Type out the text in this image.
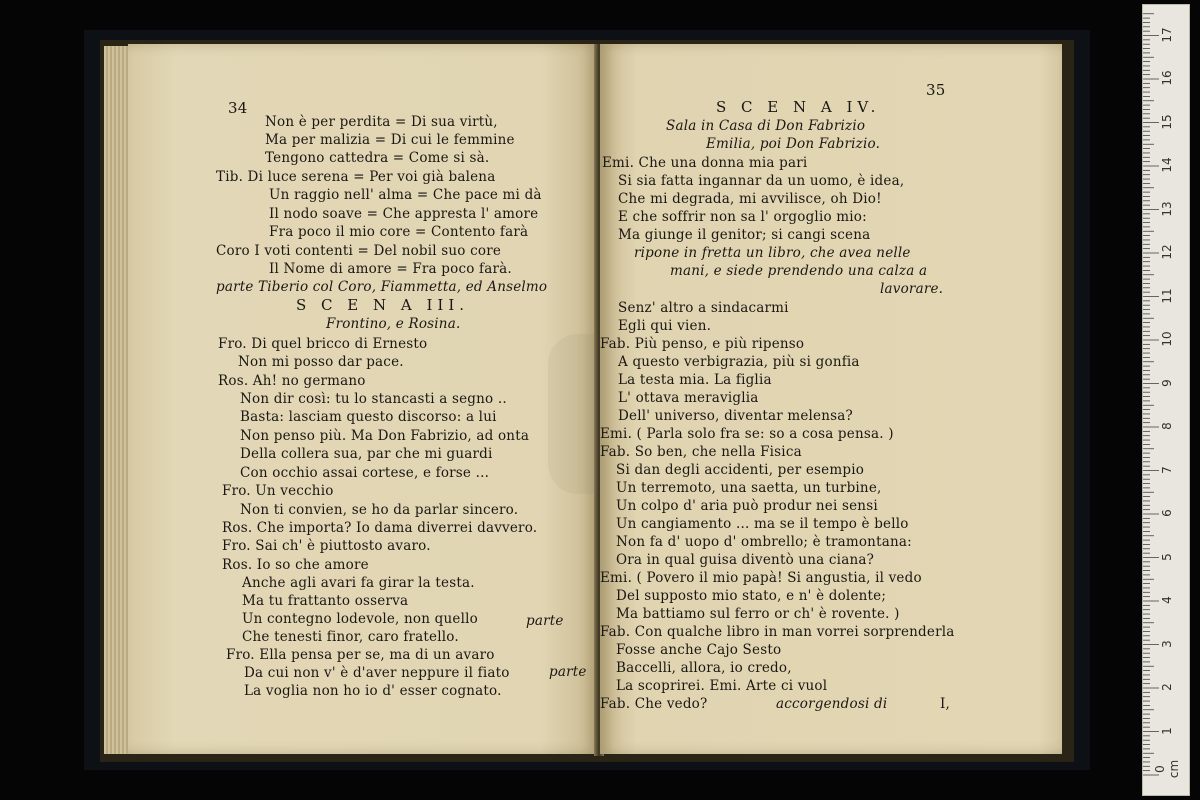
34
Non è per perdita = Di sua virtù,
Ma per malizia = Di cui le femmine
Tengono cattedra = Come si sà.
Tib. Di luce serena = Per voi già balena
Un raggio nell' alma = Che pace mi dà
Il nodo soave = Che appresta l' amore
Fra poco il mio core = Contento farà
Coro I voti contenti = Del nobil suo core
Il Nome di amore = Fra poco farà.
parte Tiberio col Coro, Fiammetta, ed Anselmo
S C E N A III.
Frontino, e Rosina.
Fro. Di quel bricco di Ernesto
Non mi posso dar pace.
Ros. Ah! no germano
Non dir così: tu lo stancasti a segno ..
Basta: lasciam questo discorso: a lui
Non penso più. Ma Don Fabrizio, ad onta
Della collera sua, par che mi guardi
Con occhio assai cortese, e forse ...
Fro. Un vecchio
Non ti convien, se ho da parlar sincero.
Ros. Che importa? Io dama diverrei davvero.
Fro. Sai ch' è piuttosto avaro.
Ros. Io so che amore
Anche agli avari fa girar la testa.
Ma tu frattanto osserva
Un contegno lodevole, non quello
Che tenesti finor, caro fratello.
parte
Fro. Ella pensa per se, ma di un avaro
Da cui non v' è d'aver neppure il fiato
La voglia non ho io d' esser cognato.
parte
35
S C E N A IV.
Sala in Casa di Don Fabrizio
Emilia, poi Don Fabrizio.
Emi. Che una donna mia pari
Si sia fatta ingannar da un uomo, è idea,
Che mi degrada, mi avvilisce, oh Dio!
E che soffrir non sa l' orgoglio mio:
Ma giunge il genitor; si cangi scena
ripone in fretta un libro, che avea nelle
mani, e siede prendendo una calza a
lavorare.
Senz' altro a sindacarmi
Egli qui vien.
Fab. Più penso, e più ripenso
A questo verbigrazia, più si gonfia
La testa mia. La figlia
L' ottava meraviglia
Dell' universo, diventar melensa?
Emi. ( Parla solo fra se: so a cosa pensa. )
Fab. So ben, che nella Fisica
Si dan degli accidenti, per esempio
Un terremoto, una saetta, un turbine,
Un colpo d' aria può produr nei sensi
Un cangiamento ... ma se il tempo è bello
Non fa d' uopo d' ombrello; è tramontana:
Ora in qual guisa diventò una ciana?
Emi. ( Povero il mio papà! Si angustia, il vedo
Del supposto mio stato, e n' è dolente;
Ma battiamo sul ferro or ch' è rovente. )
Fab. Con qualche libro in man vorrei sorprenderla
Fosse anche Cajo Sesto
Baccelli, allora, io credo,
La scoprirei. Emi. Arte ci vuol
Fab. Che vedo?	accorgendosi di	I,
0 cm
1
2
3
4
5
6
7
8
9
10
11
12
13
14
15
16
17
